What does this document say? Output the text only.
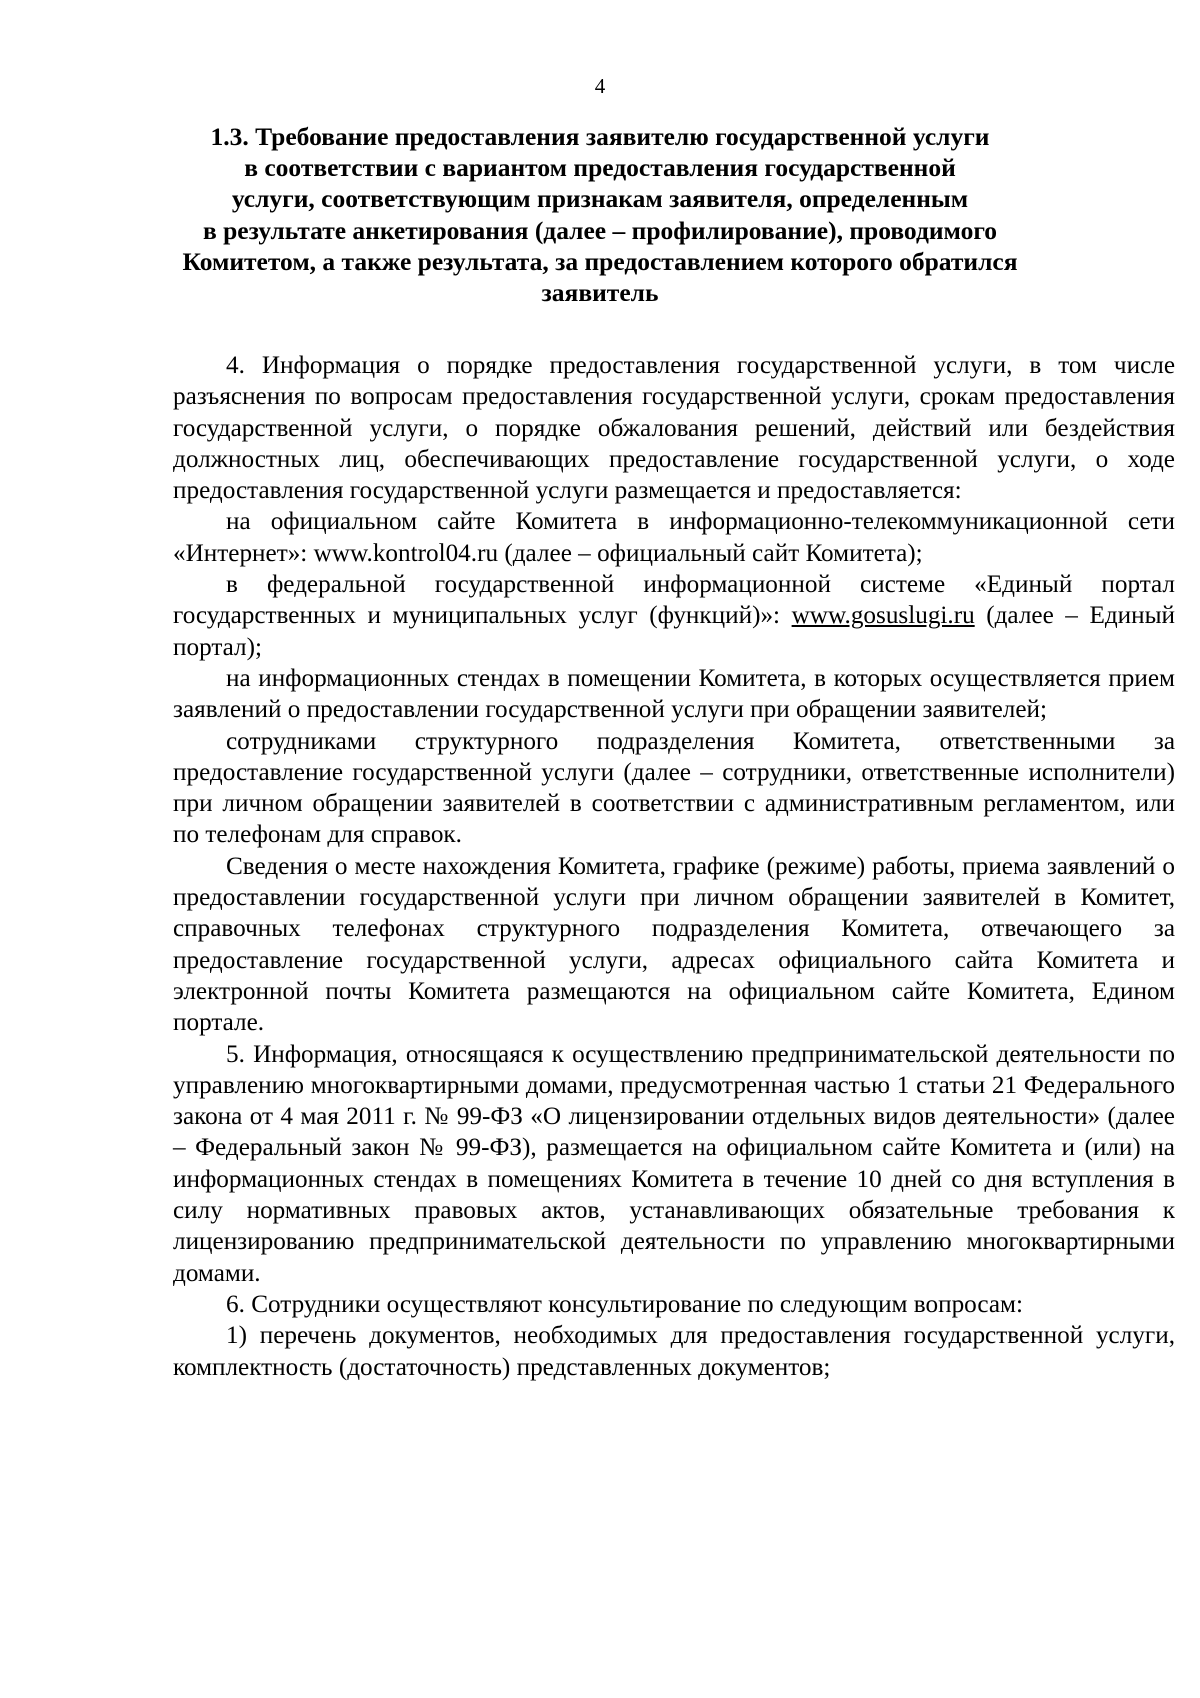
4
1.3. Требование предоставления заявителю государственной услуги
в соответствии с вариантом предоставления государственной
услуги, соответствующим признакам заявителя, определенным
в результате анкетирования (далее – профилирование), проводимого
Комитетом, а также результата, за предоставлением которого обратился
заявитель

4. Информация о порядке предоставления государственной услуги, в том числе разъяснения по вопросам предоставления государственной услуги, срокам предоставления государственной услуги, о порядке обжалования решений, действий или бездействия должностных лиц, обеспечивающих предоставление государственной услуги, о ходе предоставления государственной услуги размещается и предоставляется:

на официальном сайте Комитета в информационно-телекоммуникационной сети «Интернет»: www.kontrol04.ru (далее – официальный сайт Комитета);

в федеральной государственной информационной системе «Единый портал государственных и муниципальных услуг (функций)»: www.gosuslugi.ru (далее – Единый портал);

на информационных стендах в помещении Комитета, в которых осуществляется прием заявлений о предоставлении государственной услуги при обращении заявителей;

сотрудниками структурного подразделения Комитета, ответственными за предоставление государственной услуги (далее – сотрудники, ответственные исполнители) при личном обращении заявителей в соответствии с административным регламентом, или по телефонам для справок.

Сведения о месте нахождения Комитета, графике (режиме) работы, приема заявлений о предоставлении государственной услуги при личном обращении заявителей в Комитет, справочных телефонах структурного подразделения Комитета, отвечающего за предоставление государственной услуги, адресах официального сайта Комитета и электронной почты Комитета размещаются на официальном сайте Комитета, Едином портале.

5. Информация, относящаяся к осуществлению предпринимательской деятельности по управлению многоквартирными домами, предусмотренная частью 1 статьи 21 Федерального закона от 4 мая 2011 г. № 99-ФЗ «О лицензировании отдельных видов деятельности» (далее – Федеральный закон № 99-ФЗ), размещается на официальном сайте Комитета и (или) на информационных стендах в помещениях Комитета в течение 10 дней со дня вступления в силу нормативных правовых актов, устанавливающих обязательные требования к лицензированию предпринимательской деятельности по управлению многоквартирными домами.

6. Сотрудники осуществляют консультирование по следующим вопросам:

1) перечень документов, необходимых для предоставления государственной услуги, комплектность (достаточность) представленных документов;
